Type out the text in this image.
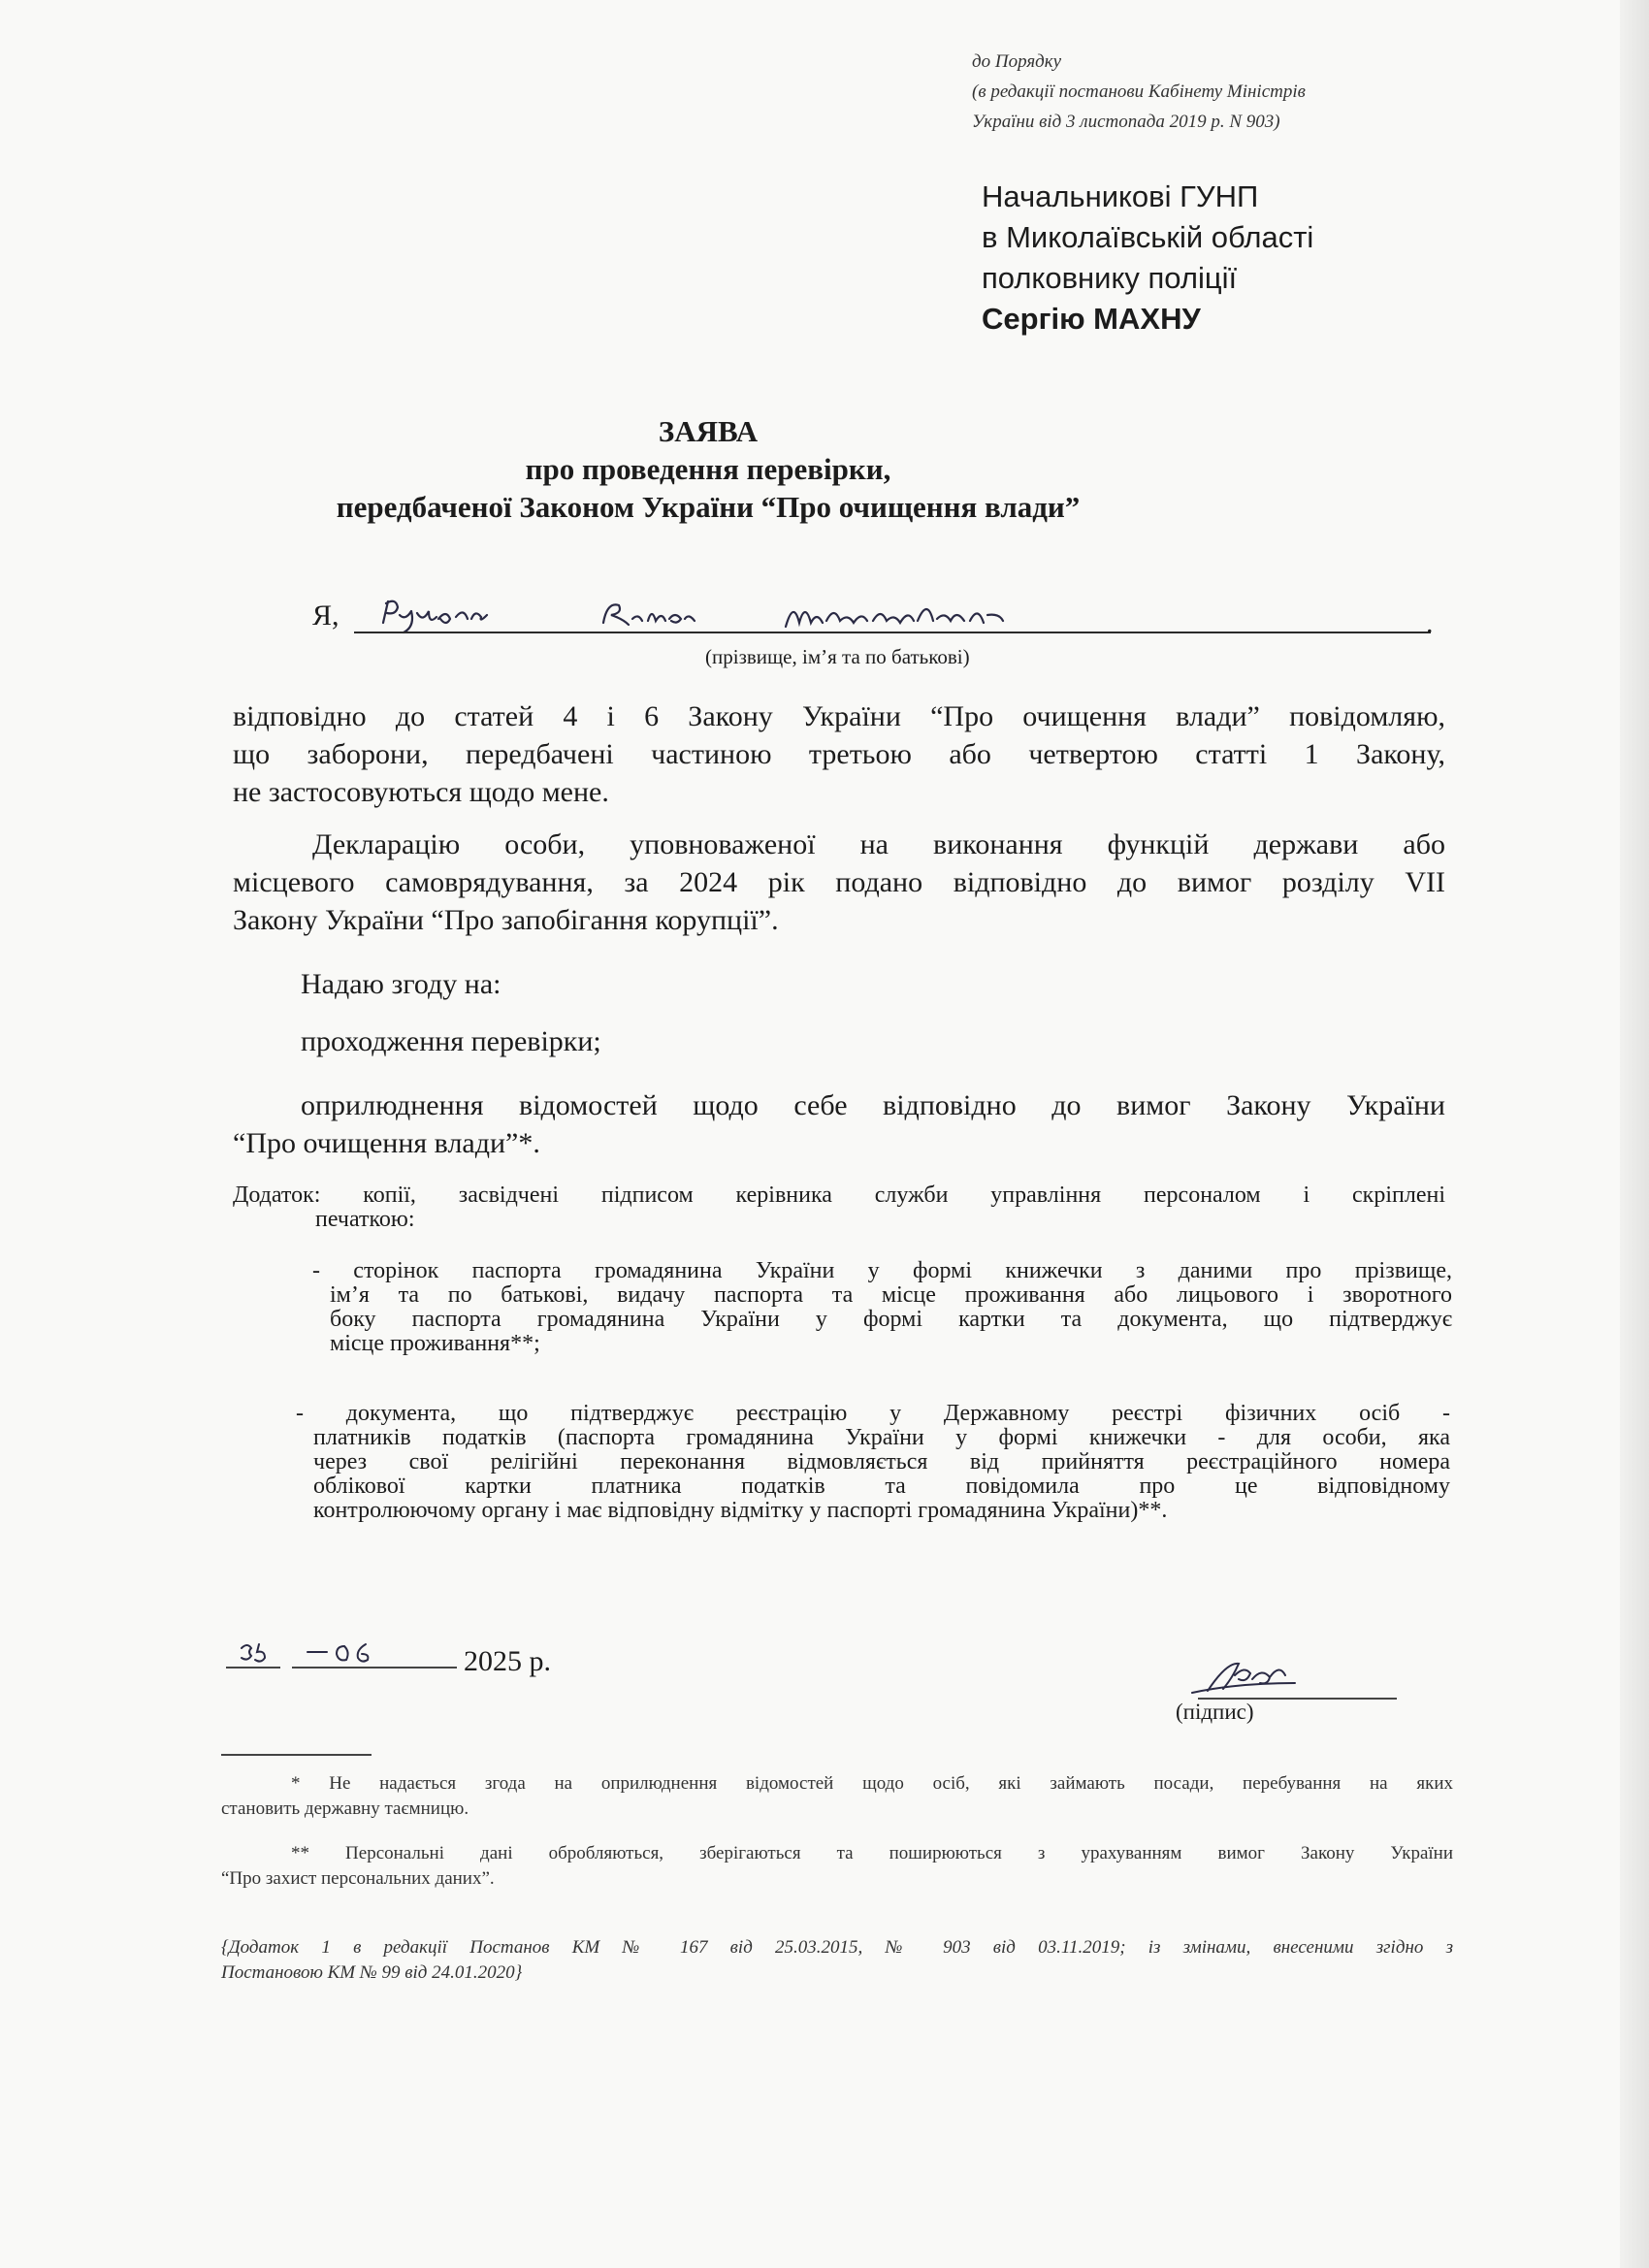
до Порядку
(в редакції постанови Кабінету Міністрів
України від 3 листопада 2019 р. N 903)
Начальникові ГУНП
в Миколаївській області
полковнику поліції
Сергію МАХНУ
ЗАЯВА
про проведення перевірки,
передбаченої Законом України “Про очищення влади”
Я,	.
(прізвище, ім’я та по батькові)
відповідно до статей 4 і 6 Закону України “Про очищення влади” повідомляю,
що заборони, передбачені частиною третьою або четвертою статті 1 Закону,
не застосовуються щодо мене.
Декларацію особи, уповноваженої на виконання функцій держави або
місцевого самоврядування, за 2024 рік подано відповідно до вимог розділу VII
Закону України “Про запобігання корупції”.
Надаю згоду на:
проходження перевірки;
оприлюднення відомостей щодо себе відповідно до вимог Закону України
“Про очищення влади”*.
Додаток: копії, засвідчені підписом керівника служби управління персоналом і скріплені
печаткою:
- сторінок паспорта громадянина України у формі книжечки з даними про прізвище,
ім’я та по батькові, видачу паспорта та місце проживання або лицьового і зворотного
боку паспорта громадянина України у формі картки та документа, що підтверджує
місце проживання**;
- документа, що підтверджує реєстрацію у Державному реєстрі фізичних осіб -
платників податків (паспорта громадянина України у формі книжечки - для особи, яка
через свої релігійні переконання відмовляється від прийняття реєстраційного номера
облікової картки платника податків та повідомила про це відповідному
контролюючому органу і має відповідну відмітку у паспорті громадянина України)**.
2025 р.
(підпис)
* Не надається згода на оприлюднення відомостей щодо осіб, які займають посади, перебування на яких
становить державну таємницю.
** Персональні дані обробляються, зберігаються та поширюються з урахуванням вимог Закону України
“Про захист персональних даних”.
{Додаток 1 в редакції Постанов КМ № 167 від 25.03.2015, № 903 від 03.11.2019; із змінами, внесеними згідно з
Постановою КМ № 99 від 24.01.2020}
